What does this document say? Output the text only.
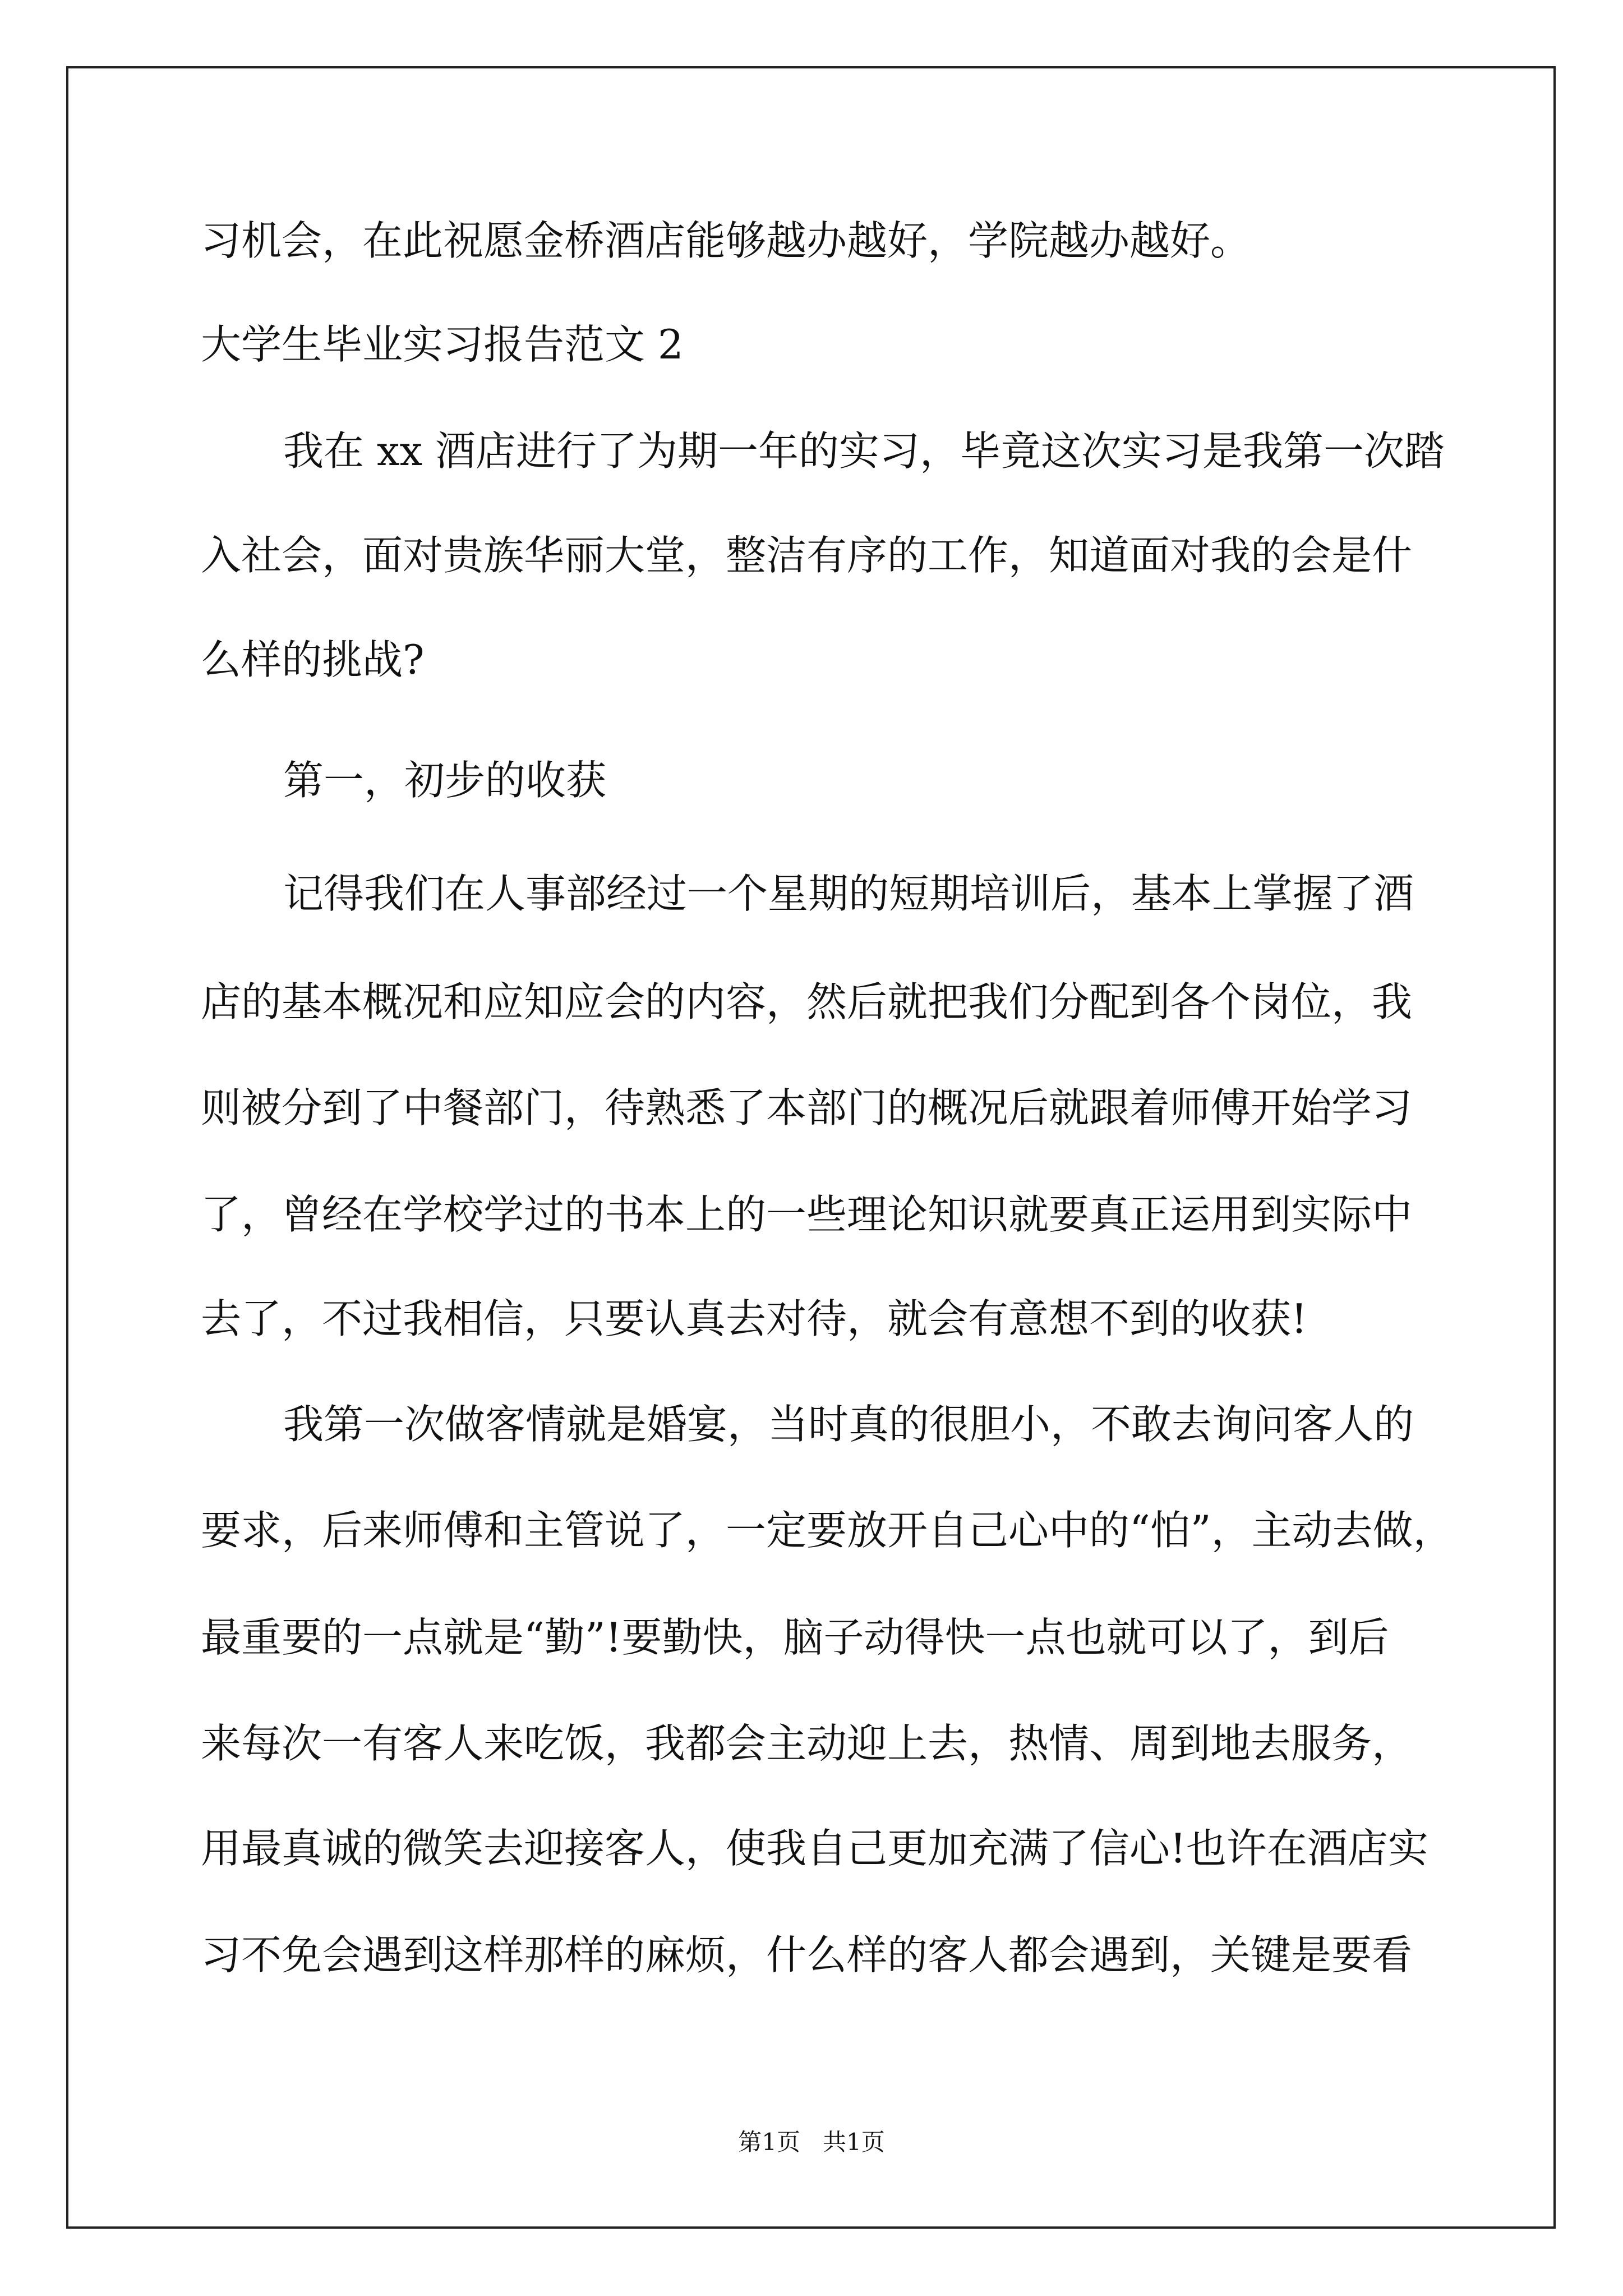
习机会，在此祝愿金桥酒店能够越办越好，学院越办越好。
大学生毕业实习报告范文 2
我在 xx 酒店进行了为期一年的实习，毕竟这次实习是我第一次踏
入社会，面对贵族华丽大堂，整洁有序的工作，知道面对我的会是什
么样的挑战?
第一，初步的收获
记得我们在人事部经过一个星期的短期培训后，基本上掌握了酒
店的基本概况和应知应会的内容，然后就把我们分配到各个岗位，我
则被分到了中餐部门，待熟悉了本部门的概况后就跟着师傅开始学习
了，曾经在学校学过的书本上的一些理论知识就要真正运用到实际中
去了，不过我相信，只要认真去对待，就会有意想不到的收获!
我第一次做客情就是婚宴，当时真的很胆小，不敢去询问客人的
要求，后来师傅和主管说了，一定要放开自己心中的“怕”，主动去做，
最重要的一点就是“勤”!要勤快，脑子动得快一点也就可以了，到后
来每次一有客人来吃饭，我都会主动迎上去，热情、周到地去服务，
用最真诚的微笑去迎接客人，使我自己更加充满了信心!也许在酒店实
习不免会遇到这样那样的麻烦，什么样的客人都会遇到，关键是要看
第1页   共1页
